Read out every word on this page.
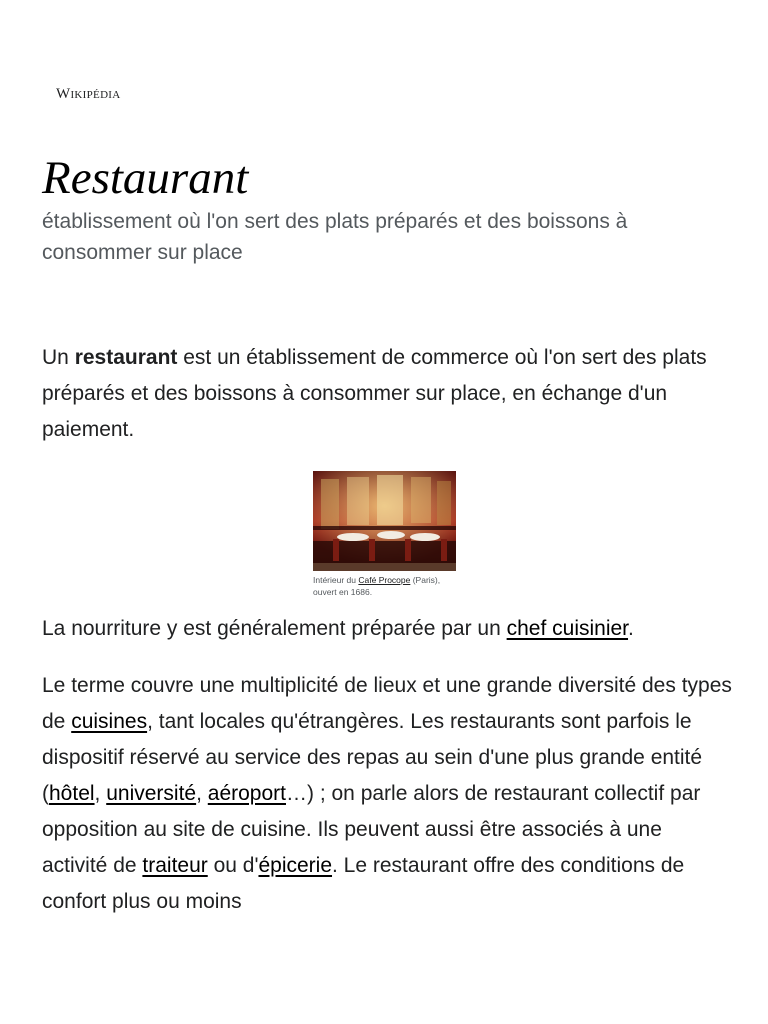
Wikipédia
Restaurant
établissement où l'on sert des plats préparés et des boissons à consommer sur place

Un restaurant est un établissement de commerce où l'on sert des plats préparés et des boissons à consommer sur place, en échange d'un paiement.

Intérieur du Café Procope (Paris), ouvert en 1686.

La nourriture y est généralement préparée par un chef cuisinier.

Le terme couvre une multiplicité de lieux et une grande diversité des types de cuisines, tant locales qu'étrangères. Les restaurants sont parfois le dispositif réservé au service des repas au sein d'une plus grande entité (hôtel, université, aéroport…) ; on parle alors de restaurant collectif par opposition au site de cuisine. Ils peuvent aussi être associés à une activité de traiteur ou d'épicerie. Le restaurant offre des conditions de confort plus ou moins
